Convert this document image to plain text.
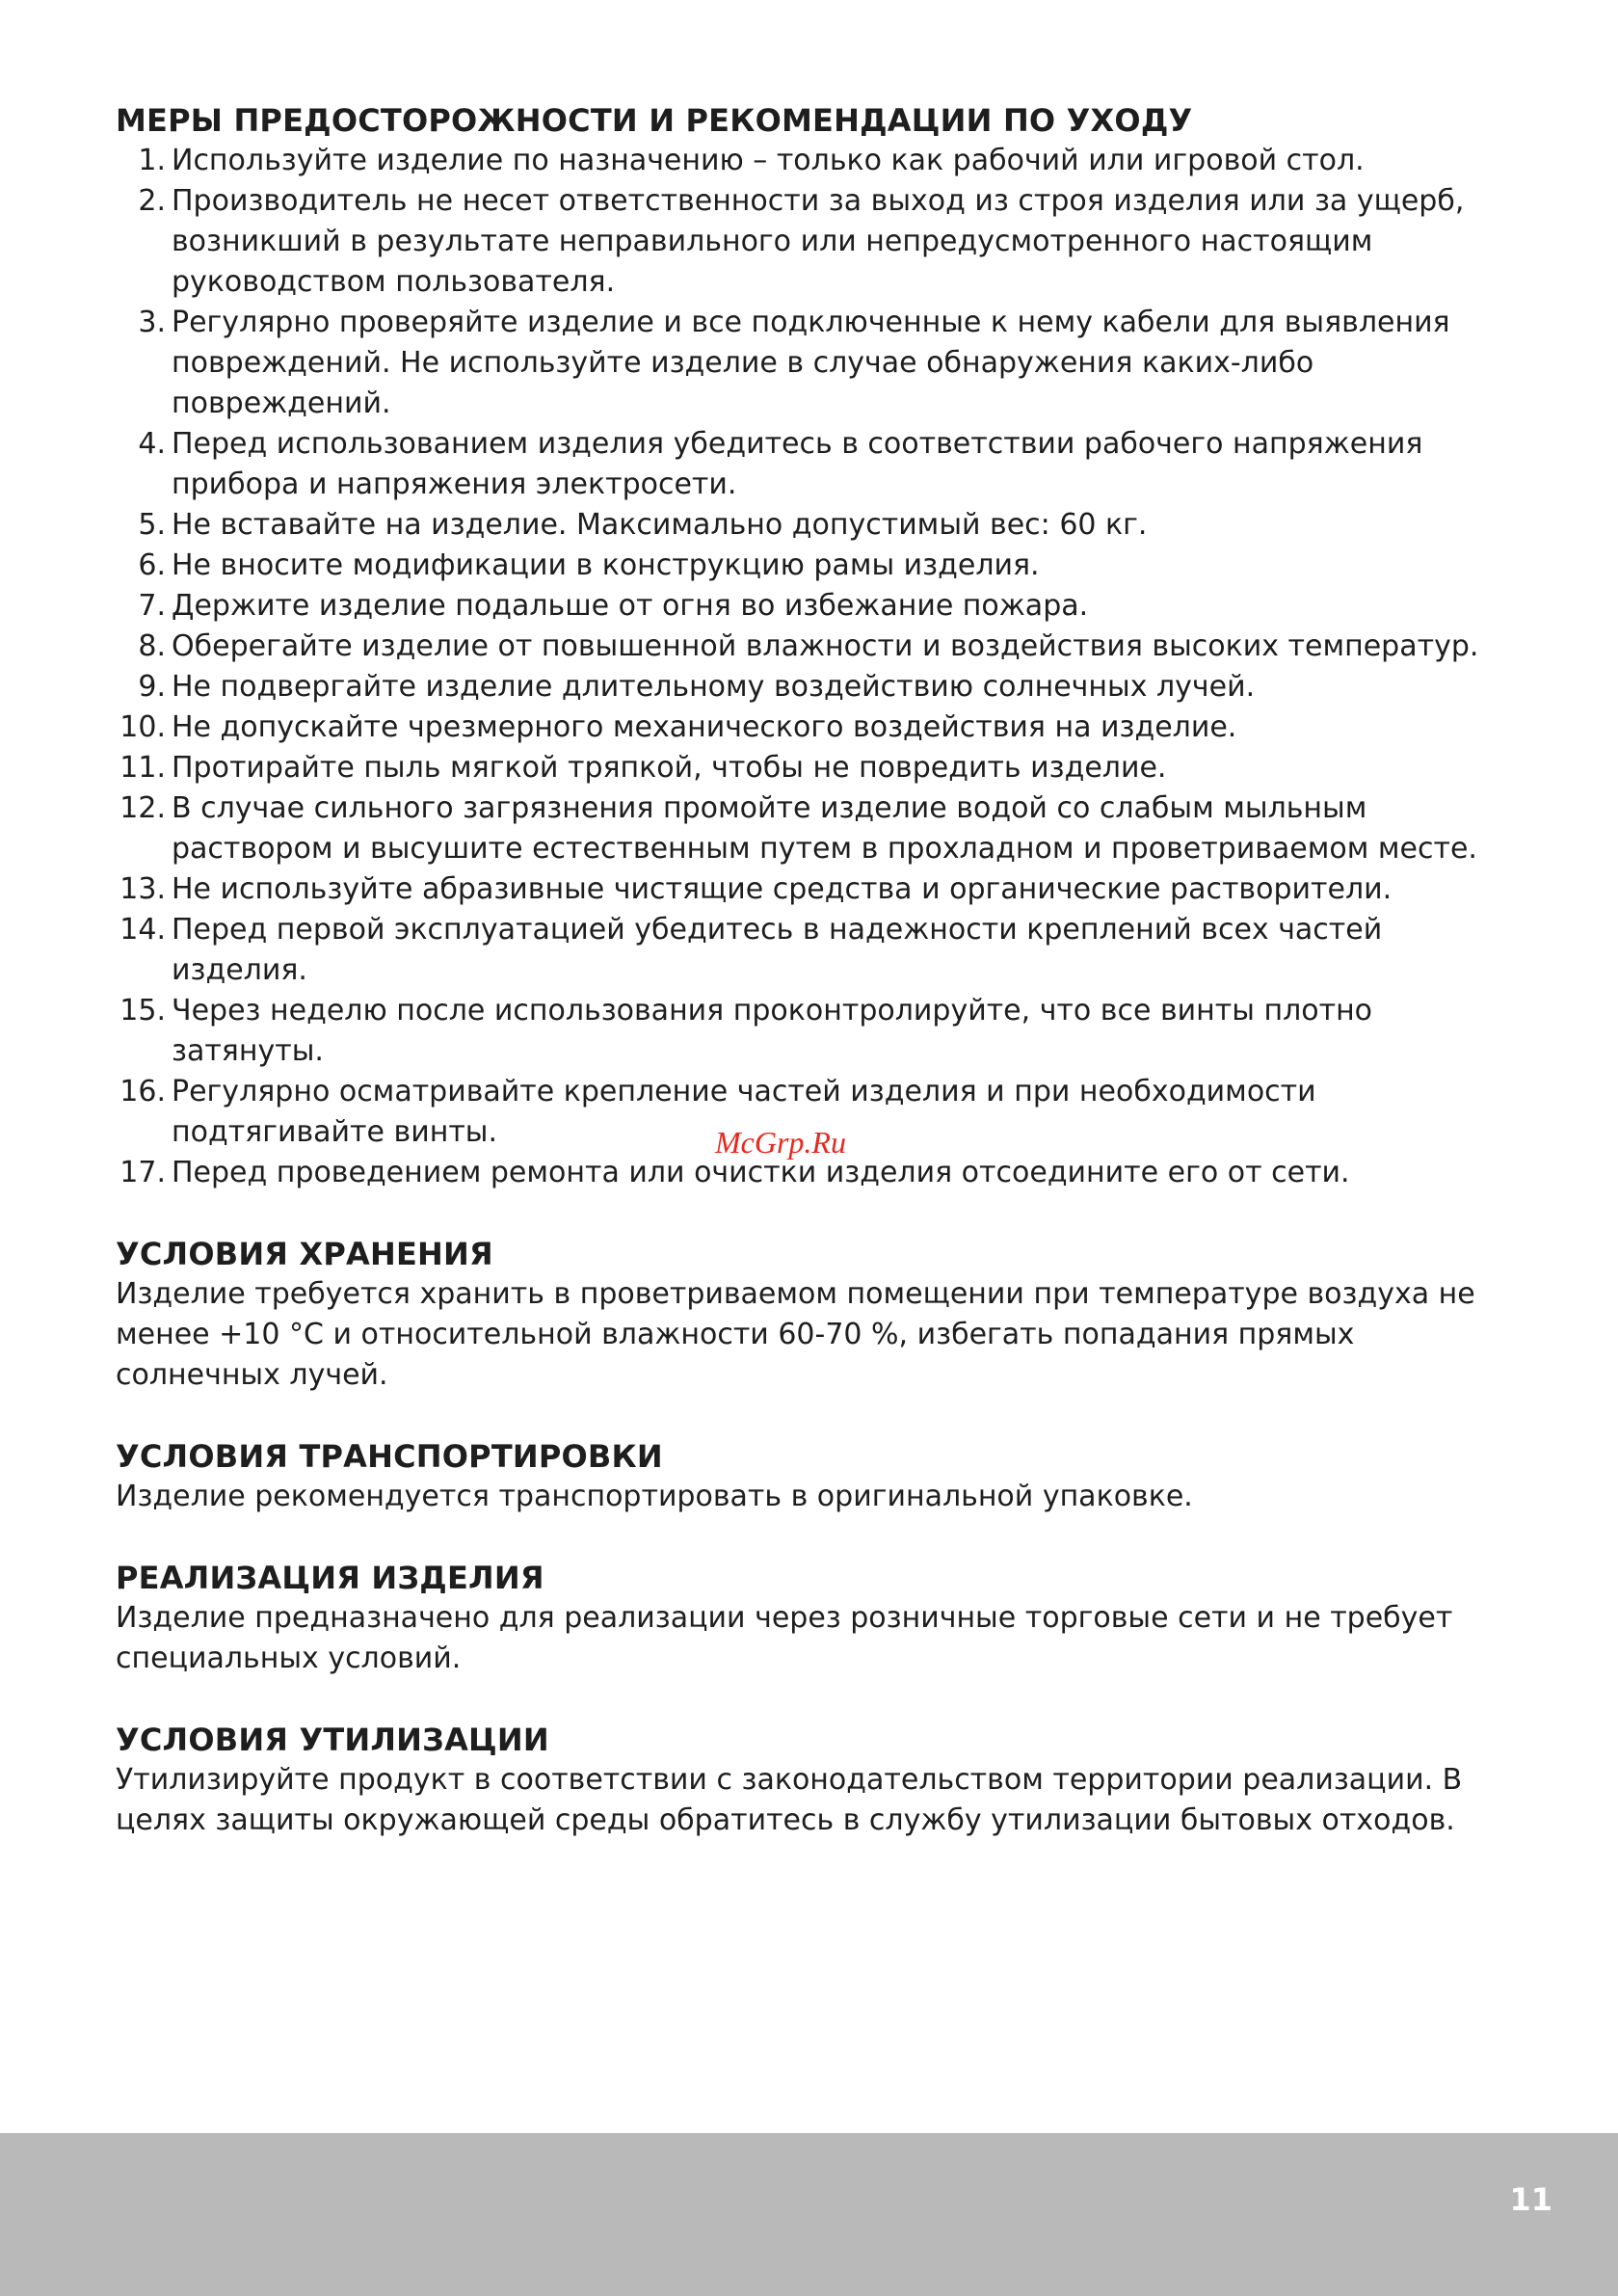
МЕРЫ ПРЕДОСТОРОЖНОСТИ И РЕКОМЕНДАЦИИ ПО УХОДУ
1. Используйте изделие по назначению – только как рабочий или игровой стол.
2. Производитель не несет ответственности за выход из строя изделия или за ущерб, возникший в результате неправильного или непредусмотренного настоящим руководством пользователя.
3. Регулярно проверяйте изделие и все подключенные к нему кабели для выявления повреждений. Не используйте изделие в случае обнаружения каких-либо повреждений.
4. Перед использованием изделия убедитесь в соответствии рабочего напряжения прибора и напряжения электросети.
5. Не вставайте на изделие. Максимально допустимый вес: 60 кг.
6. Не вносите модификации в конструкцию рамы изделия.
7. Держите изделие подальше от огня во избежание пожара.
8. Оберегайте изделие от повышенной влажности и воздействия высоких температур.
9. Не подвергайте изделие длительному воздействию солнечных лучей.
10. Не допускайте чрезмерного механического воздействия на изделие.
11. Протирайте пыль мягкой тряпкой, чтобы не повредить изделие.
12. В случае сильного загрязнения промойте изделие водой со слабым мыльным раствором и высушите естественным путем в прохладном и проветриваемом месте.
13. Не используйте абразивные чистящие средства и органические растворители.
14. Перед первой эксплуатацией убедитесь в надежности креплений всех частей изделия.
15. Через неделю после использования проконтролируйте, что все винты плотно затянуты.
16. Регулярно осматривайте крепление частей изделия и при необходимости подтягивайте винты.
17. Перед проведением ремонта или очистки изделия отсоедините его от сети.
УСЛОВИЯ ХРАНЕНИЯ

Изделие требуется хранить в проветриваемом помещении при температуре воздуха не менее +10 °С и относительной влажности 60-70 %, избегать попадания прямых солнечных лучей.

УСЛОВИЯ ТРАНСПОРТИРОВКИ

Изделие рекомендуется транспортировать в оригинальной упаковке.

РЕАЛИЗАЦИЯ ИЗДЕЛИЯ

Изделие предназначено для реализации через розничные торговые сети и не требует специальных условий.

УСЛОВИЯ УТИЛИЗАЦИИ

Утилизируйте продукт в соответствии с законодательством территории реализации. В целях защиты окружающей среды обратитесь в службу утилизации бытовых отходов.

McGrp.Ru
11
